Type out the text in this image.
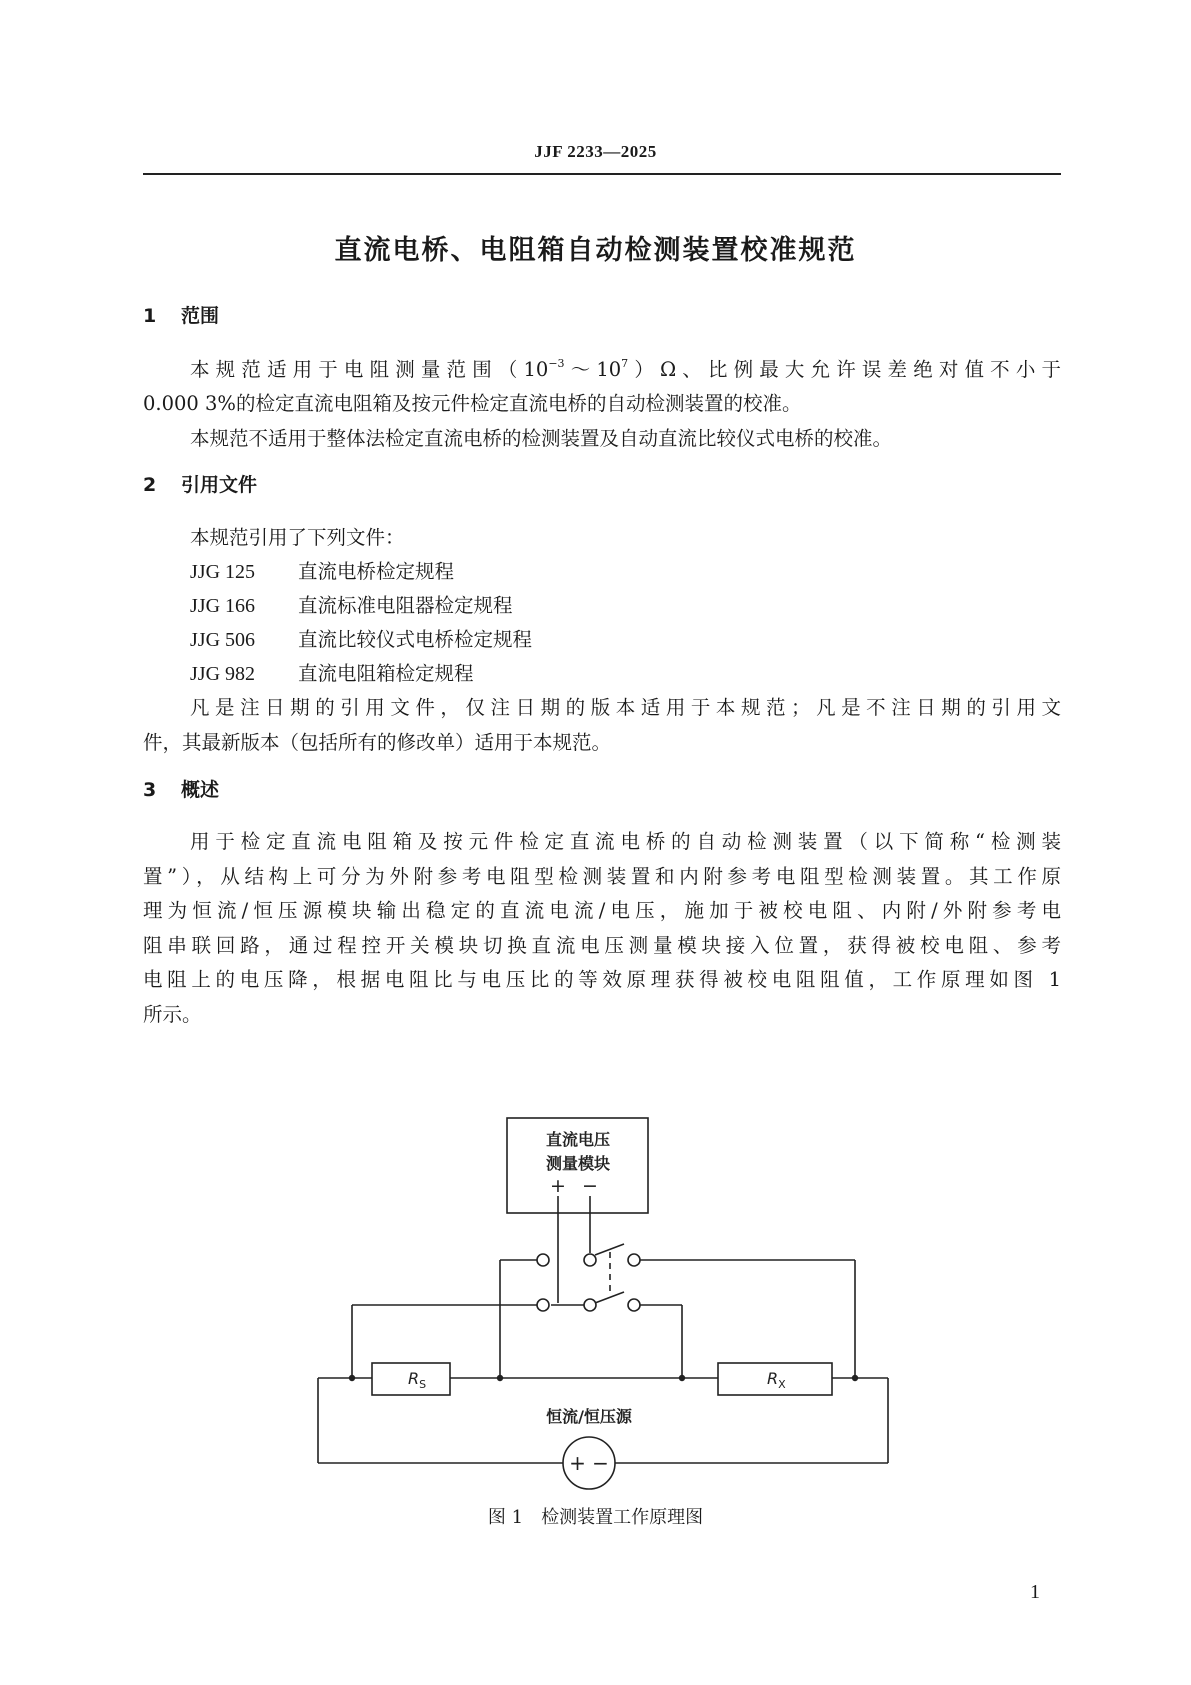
JJF 2233—2025
直流电桥、电阻箱自动检测装置校准规范
1 范围
本规范适用于电阻测量范围$(10^{-3}\sim 10^7)\Omega$、比例最大允许误差绝对值不小于
0.000 3%的检定直流电阻箱及按元件检定直流电桥的自动检测装置的校准。
本规范不适用于整体法检定直流电桥的检测装置及自动直流比较仪式电桥的校准。
2 引用文件
本规范引用了下列文件：
JJG 125 直流电桥检定规程
JJG 166 直流标准电阻器检定规程
JJG 506 直流比较仪式电桥检定规程
JJG 982 直流电阻箱检定规程
凡是注日期的引用文件，仅注日期的版本适用于本规范；凡是不注日期的引用文
件，其最新版本（包括所有的修改单）适用于本规范。
3 概述
用于检定直流电阻箱及按元件检定直流电桥的自动检测装置（以下简称“检测装
置”），从结构上可分为外附参考电阻型检测装置和内附参考电阻型检测装置。其工作原
理为恒流/恒压源模块输出稳定的直流电流/电压，施加于被校电阻、内附/外附参考电
阻串联回路，通过程控开关模块切换直流电压测量模块接入位置，获得被校电阻、参考
电阻上的电压降，根据电阻比与电压比的等效原理获得被校电阻阻值，工作原理如图 1
所示。
直流电压
测量模块
+ −
$R_S$	$R_X$
恒流/恒压源
+ −
图 1　检测装置工作原理图
1
